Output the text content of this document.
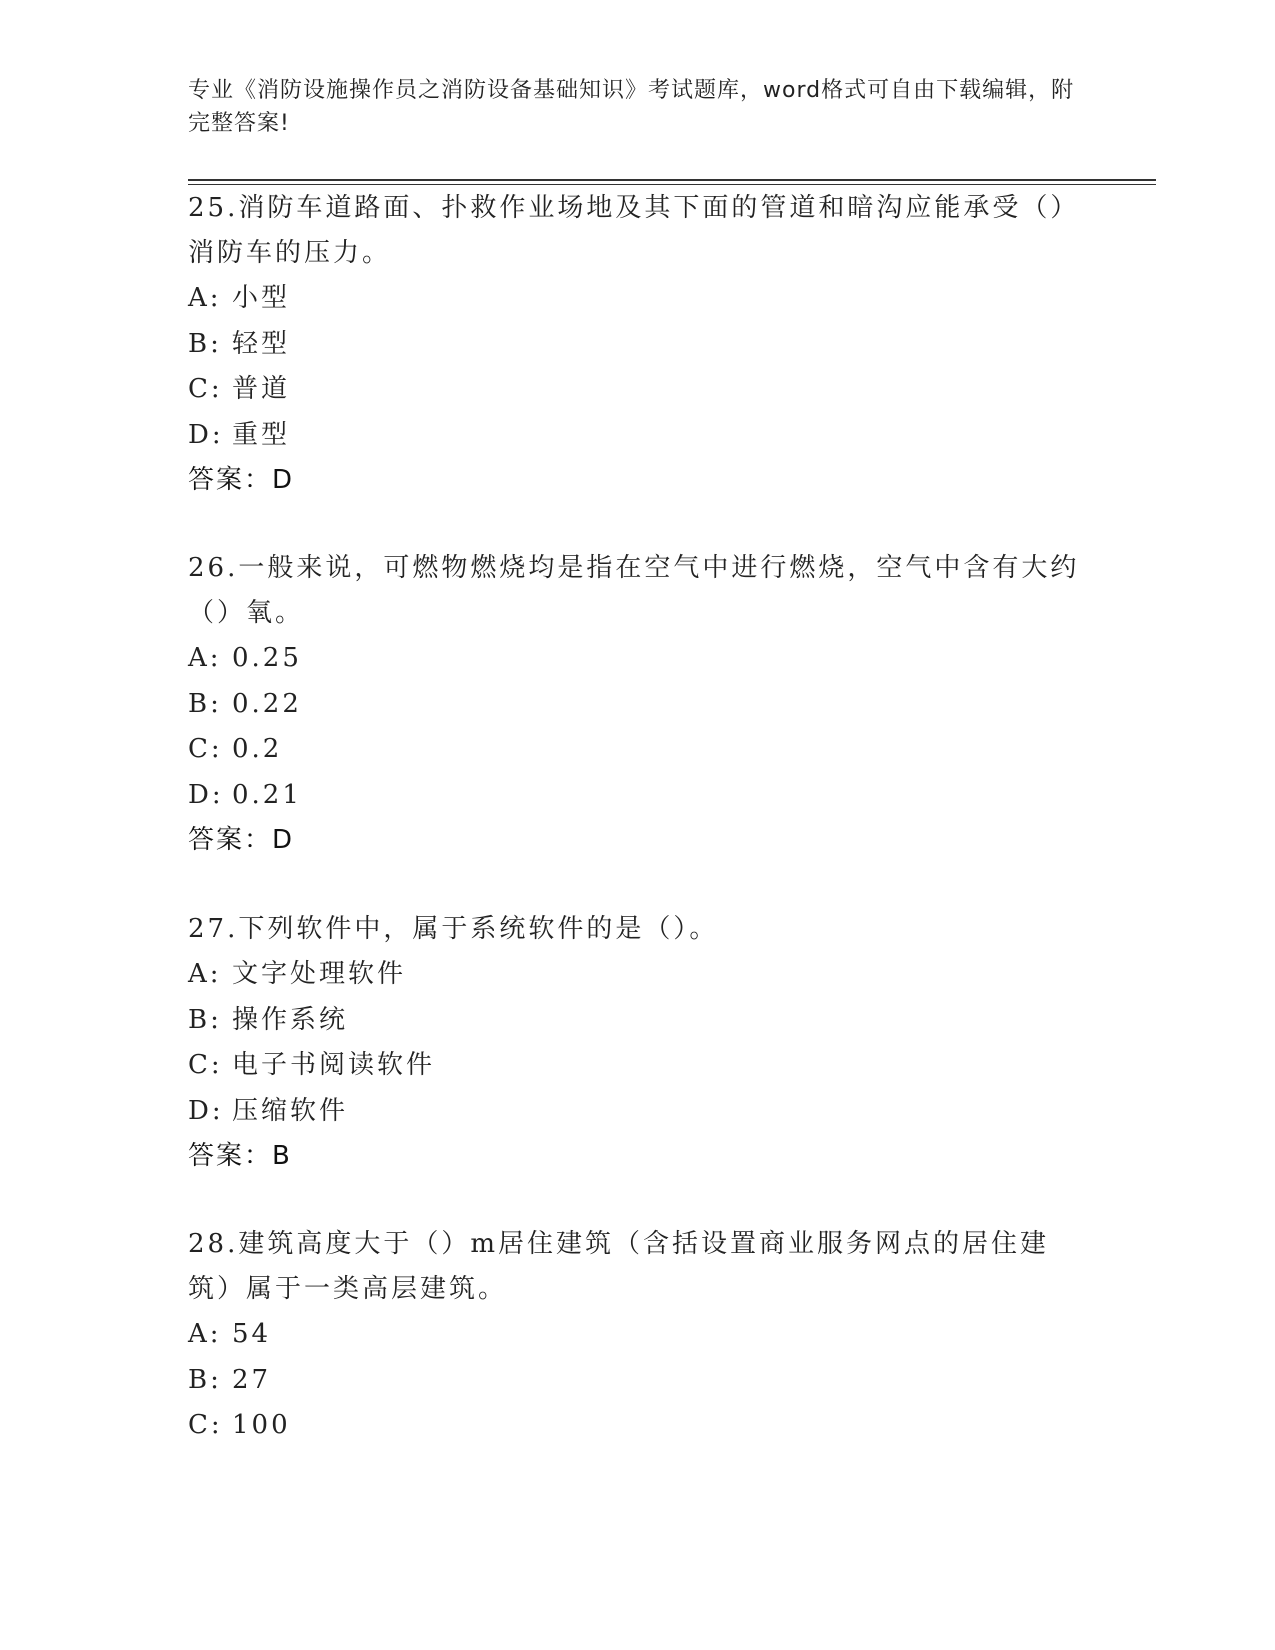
专业《消防设施操作员之消防设备基础知识》考试题库，word格式可自由下载编辑，附完整答案!

25.消防车道路面、扑救作业场地及其下面的管道和暗沟应能承受（）消防车的压力。

A: 小型

B: 轻型

C: 普道

D: 重型

答案：D

26.一般来说，可燃物燃烧均是指在空气中进行燃烧，空气中含有大约（）氧。

A: 0.25

B: 0.22

C: 0.2

D: 0.21

答案：D

27.下列软件中，属于系统软件的是（）。

A: 文字处理软件

B: 操作系统

C: 电子书阅读软件

D: 压缩软件

答案：B

28.建筑高度大于（）m居住建筑（含括设置商业服务网点的居住建筑）属于一类高层建筑。

A: 54

B: 27

C: 100
